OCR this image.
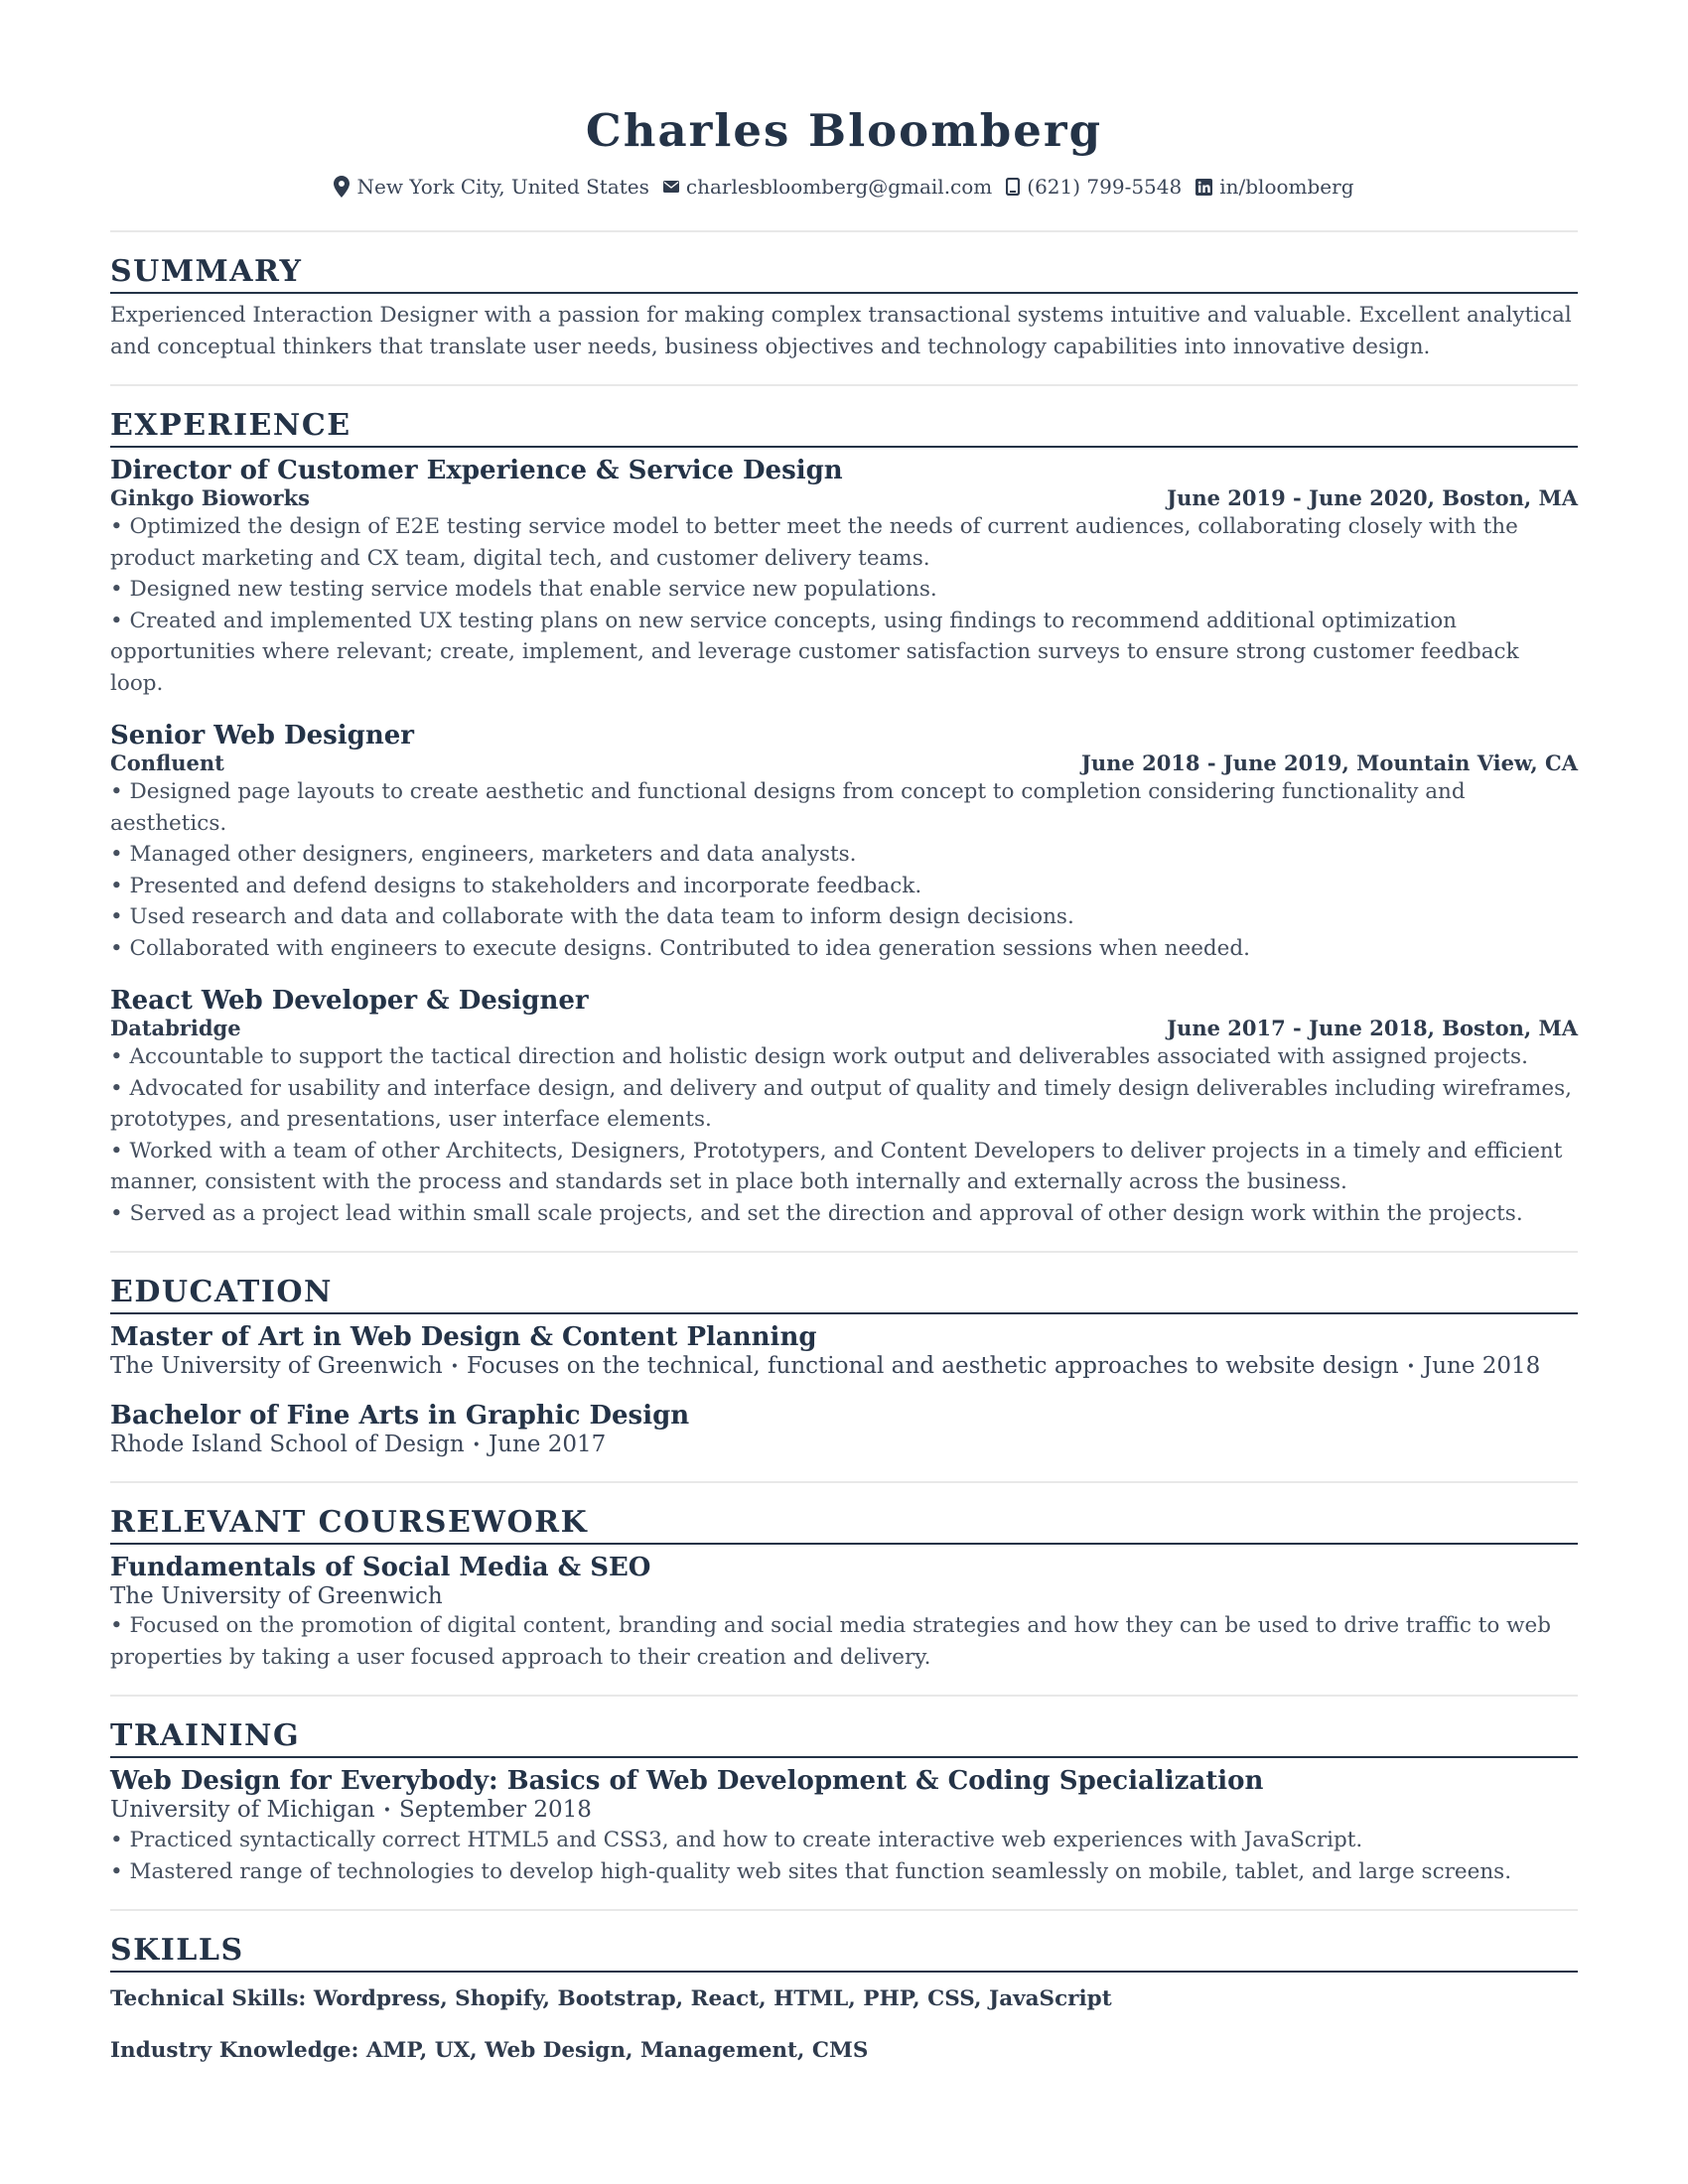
Charles Bloomberg
New York City, United States charlesbloomberg@gmail.com (621) 799-5548 in/bloomberg
SUMMARY

Experienced Interaction Designer with a passion for making complex transactional systems intuitive and valuable. Excellent analytical and conceptual thinkers that translate user needs, business objectives and technology capabilities into innovative design.

EXPERIENCE
Director of Customer Experience & Service Design
Ginkgo Bioworks	June 2019 - June 2020, Boston, MA
• Optimized the design of E2E testing service model to better meet the needs of current audiences, collaborating closely with the product marketing and CX team, digital tech, and customer delivery teams.
• Designed new testing service models that enable service new populations.
• Created and implemented UX testing plans on new service concepts, using findings to recommend additional optimization opportunities where relevant; create, implement, and leverage customer satisfaction surveys to ensure strong customer feedback loop.
Senior Web Designer
Confluent	June 2018 - June 2019, Mountain View, CA
• Designed page layouts to create aesthetic and functional designs from concept to completion considering functionality and aesthetics.
• Managed other designers, engineers, marketers and data analysts.
• Presented and defend designs to stakeholders and incorporate feedback.
• Used research and data and collaborate with the data team to inform design decisions.
• Collaborated with engineers to execute designs. Contributed to idea generation sessions when needed.
React Web Developer & Designer
Databridge	June 2017 - June 2018, Boston, MA
• Accountable to support the tactical direction and holistic design work output and deliverables associated with assigned projects.
• Advocated for usability and interface design, and delivery and output of quality and timely design deliverables including wireframes, prototypes, and presentations, user interface elements.
• Worked with a team of other Architects, Designers, Prototypers, and Content Developers to deliver projects in a timely and efficient manner, consistent with the process and standards set in place both internally and externally across the business.
• Served as a project lead within small scale projects, and set the direction and approval of other design work within the projects.
EDUCATION
Master of Art in Web Design & Content Planning
The University of Greenwich • Focuses on the technical, functional and aesthetic approaches to website design • June 2018
Bachelor of Fine Arts in Graphic Design
Rhode Island School of Design • June 2017
RELEVANT COURSEWORK
Fundamentals of Social Media & SEO
The University of Greenwich
• Focused on the promotion of digital content, branding and social media strategies and how they can be used to drive traffic to web properties by taking a user focused approach to their creation and delivery.
TRAINING
Web Design for Everybody: Basics of Web Development & Coding Specialization
University of Michigan • September 2018
• Practiced syntactically correct HTML5 and CSS3, and how to create interactive web experiences with JavaScript.
• Mastered range of technologies to develop high-quality web sites that function seamlessly on mobile, tablet, and large screens.
SKILLS
Technical Skills: Wordpress, Shopify, Bootstrap, React, HTML, PHP, CSS, JavaScript
Industry Knowledge: AMP, UX, Web Design, Management, CMS
